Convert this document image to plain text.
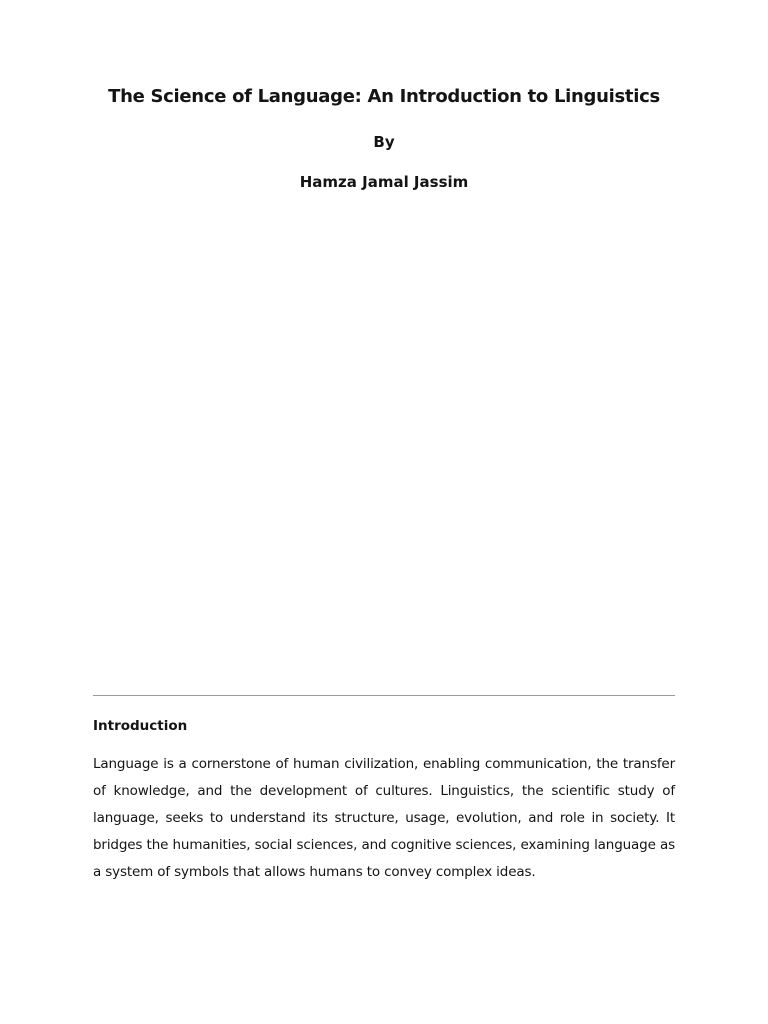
The Science of Language: An Introduction to Linguistics

By

Hamza Jamal Jassim

Introduction

Language is a cornerstone of human civilization, enabling communication, the transfer of knowledge, and the development of cultures. Linguistics, the scientific study of language, seeks to understand its structure, usage, evolution, and role in society. It bridges the humanities, social sciences, and cognitive sciences, examining language as a system of symbols that allows humans to convey complex ideas.
